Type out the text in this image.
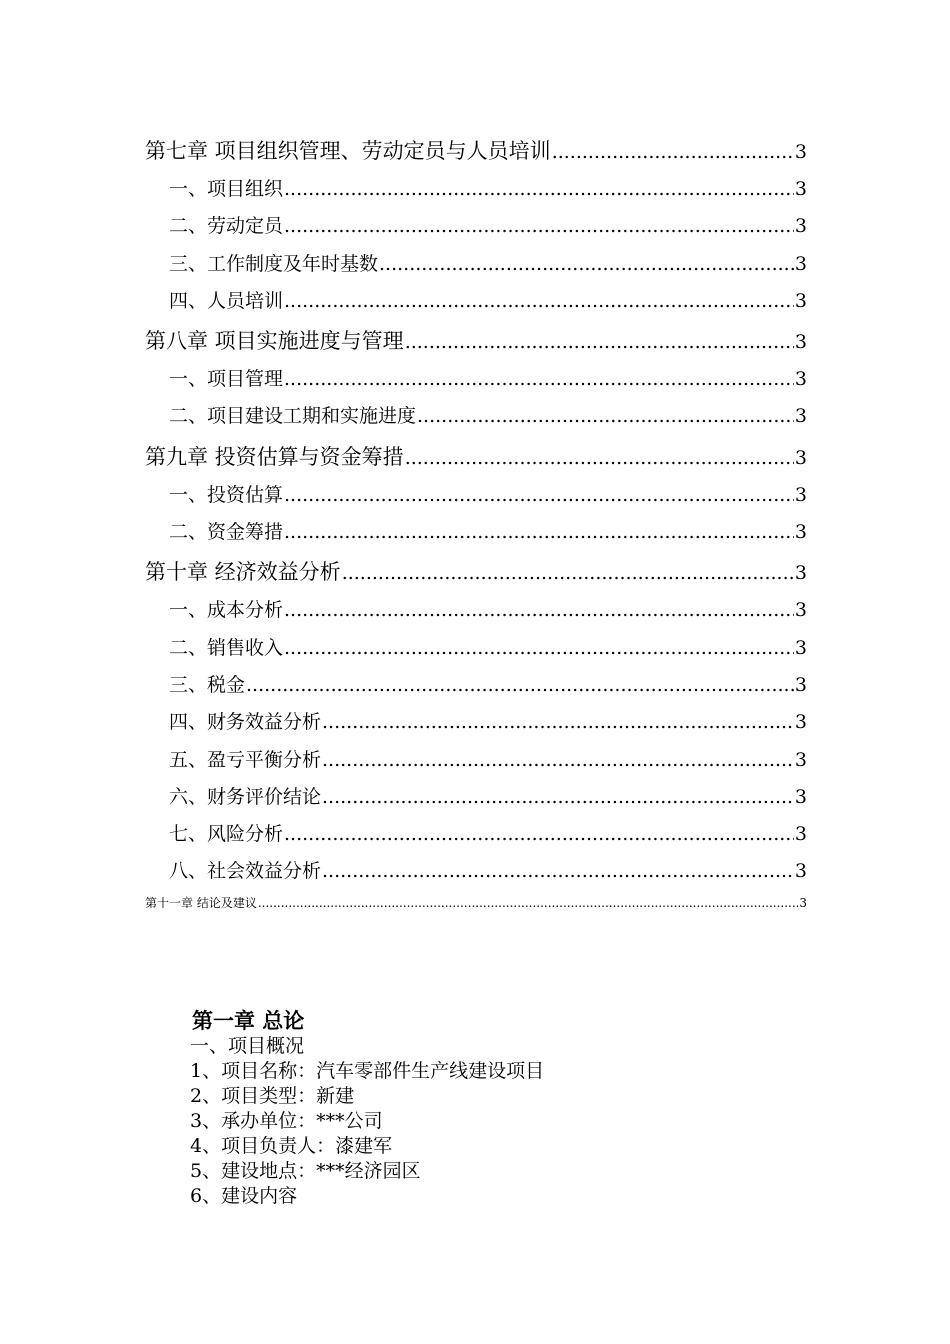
第七章 项目组织管理、劳动定员与人员培训 .....	3
一、项目组织 .....	3
二、劳动定员 .....	3
三、工作制度及年时基数 .....	3
四、人员培训 .....	3
第八章 项目实施进度与管理 .....	3
一、项目管理 .....	3
二、项目建设工期和实施进度 .....	3
第九章 投资估算与资金筹措 .....	3
一、投资估算 .....	3
二、资金筹措 .....	3
第十章 经济效益分析 .....	3
一、成本分析 .....	3
二、销售收入 .....	3
三、税金 .....	3
四、财务效益分析 .....	3
五、盈亏平衡分析 .....	3
六、财务评价结论 .....	3
七、风险分析 .....	3
八、社会效益分析 .....	3
第十一章 结论及建议 .....	3
第一章 总论
一、项目概况
1、项目名称：汽车零部件生产线建设项目
2、项目类型：新建
3、承办单位：***公司
4、项目负责人：漆建军
5、建设地点：***经济园区
6、建设内容
